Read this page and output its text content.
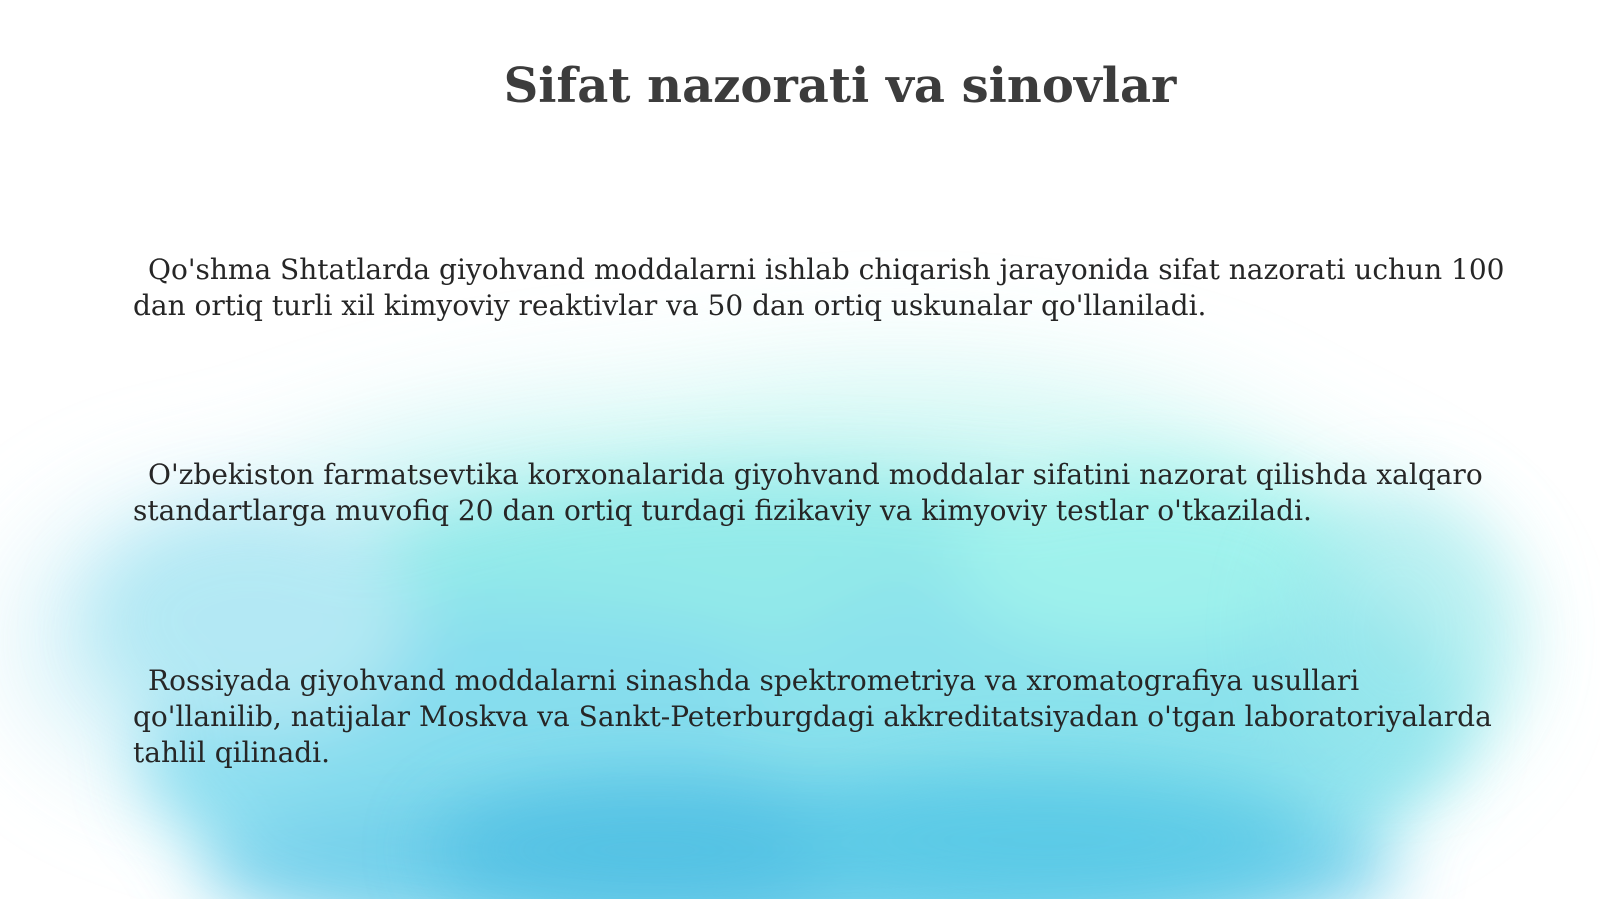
Sifat nazorati va sinovlar

Qo'shma Shtatlarda giyohvand moddalarni ishlab chiqarish jarayonida sifat nazorati uchun 100 dan ortiq turli xil kimyoviy reaktivlar va 50 dan ortiq uskunalar qo'llaniladi.

O'zbekiston farmatsevtika korxonalarida giyohvand moddalar sifatini nazorat qilishda xalqaro standartlarga muvofiq 20 dan ortiq turdagi fizikaviy va kimyoviy testlar o'tkaziladi.

Rossiyada giyohvand moddalarni sinashda spektrometriya va xromatografiya usullari qo'llanilib, natijalar Moskva va Sankt-Peterburgdagi akkreditatsiyadan o'tgan laboratoriyalarda tahlil qilinadi.
